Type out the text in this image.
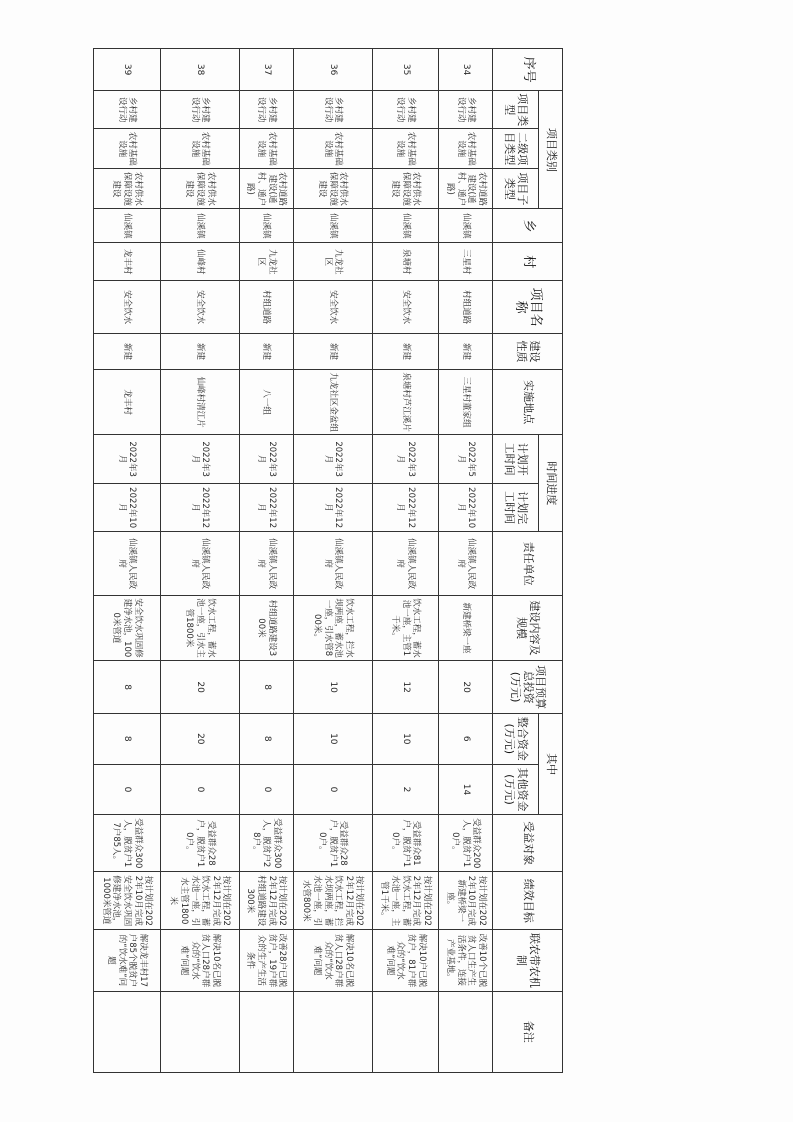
序号	项目类别			乡	村	项目名称	建设性质	实施地点	时间进度		责任单位	建设内容及规模	项目预算总投资(万元)	其中		受益对象	绩效目标	联农带农机制	备注
	项目类型	二级项目类型	项目子类型						计划开工时间	计划完工时间				整合资金(万元)	其他资金(万元)				
34	乡村建设行动	农村基础设施	农村道路建设(通村、通户路)	仙溪镇	三星村	村组道路	新建	三星村董家组	2022年5月	2022年10月	仙溪镇人民政府	新建桥梁一座	20	6	14	受益群众200人，脱贫户10户。	按计划在2022年10月完成新建桥梁一座。	改善10个已脱贫人口生产生活条件，连接产业基地。	
35	乡村建设行动	农村基础设施	农村供水保障设施建设	仙溪镇	泉塘村	安全饮水	新建	泉塘村芦江溪片	2022年3月	2022年12月	仙溪镇人民政府	饮水工程，蓄水池一座，主管1千米。	12	10	2	受益群众81户，脱贫户10户。	按计划在2022年12月完成饮水工程，蓄水池一座，主管1千米。	解决10户已脱贫户，81户群众的“饮水难”问题	
36	乡村建设行动	农村基础设施	农村供水保障设施建设	仙溪镇	九龙社区	安全饮水	新建	九龙社区金盆组	2022年3月	2022年12月	仙溪镇人民政府	饮水工程，拦水坝两座，蓄水池一座，引水管800米。	10	10	0	受益群众28户，脱贫户10户。	按计划在2022年12月完成饮水工程，拦水坝两座，蓄水池一座，引水管800米	解决10名已脱贫人口28户群众的“饮水难”问题	
37	乡村建设行动	农村基础设施	农村道路建设(通村、通户路)	仙溪镇	九龙社区	村组道路	新建	八一组	2022年3月	2022年12月	仙溪镇人民政府	村组道路建设300米	8	8	0	受益群众300人，脱贫户28户。	按计划在2022年12月完成村组道路建设300米	改善28户已脱贫户，19户群众的生产生活条件	
38	乡村建设行动	农村基础设施	农村供水保障设施建设	仙溪镇	仙峰村	安全饮水	新建	仙峰村清江片	2022年3月	2022年12月	仙溪镇人民政府	饮水工程，蓄水池一座，引水主管1800米	20	20	0	受益群众28户，脱贫户10户。	按计划在2022年12月完成饮水工程，蓄水池一座，引水主管1800米	解决10名已脱贫人口28户群众的“饮水难”问题	
39	乡村建设行动	农村基础设施	农村供水保障设施建设	仙溪镇	龙丰村	安全饮水	新建	龙丰村	2022年3月	2022年10月	仙溪镇人民政府	安全饮水巩固修建净水池，1000米管道	8	8	0	受益群众300人，脱贫户17户85人。	按计划在2022年10月完成安全饮水巩固修建净水池，1000米管道	解决龙丰村17户85个脱贫户的“饮水难”问题	
